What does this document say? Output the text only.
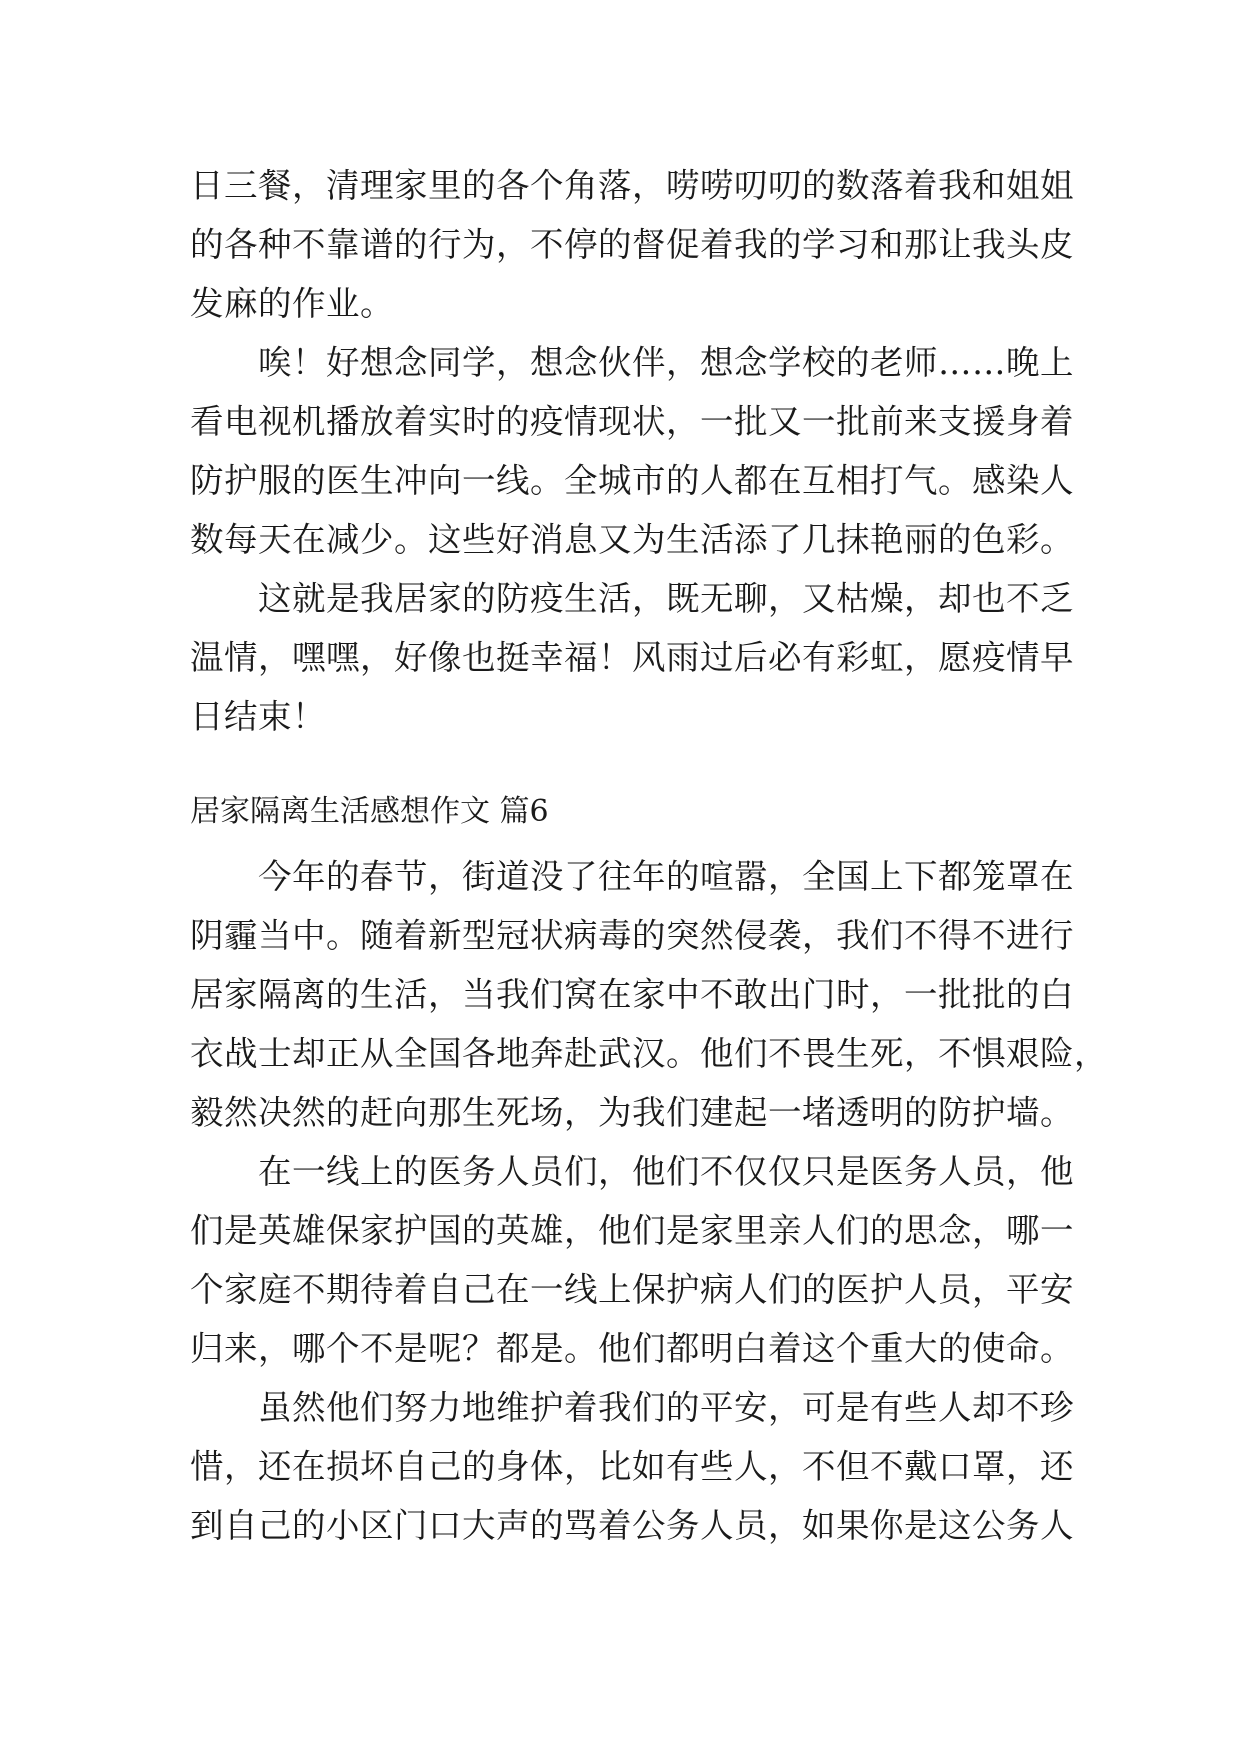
日三餐，清理家里的各个角落，唠唠叨叨的数落着我和姐姐
的各种不靠谱的行为，不停的督促着我的学习和那让我头皮
发麻的作业。
　　唉！好想念同学，想念伙伴，想念学校的老师……晚上
看电视机播放着实时的疫情现状，一批又一批前来支援身着
防护服的医生冲向一线。全城市的人都在互相打气。感染人
数每天在减少。这些好消息又为生活添了几抹艳丽的色彩。
　　这就是我居家的防疫生活，既无聊，又枯燥，却也不乏
温情，嘿嘿，好像也挺幸福！风雨过后必有彩虹，愿疫情早
日结束！
居家隔离生活感想作文 篇6
　　今年的春节，街道没了往年的喧嚣，全国上下都笼罩在
阴霾当中。随着新型冠状病毒的突然侵袭，我们不得不进行
居家隔离的生活，当我们窝在家中不敢出门时，一批批的白
衣战士却正从全国各地奔赴武汉。他们不畏生死，不惧艰险，
毅然决然的赶向那生死场，为我们建起一堵透明的防护墙。
　　在一线上的医务人员们，他们不仅仅只是医务人员，他
们是英雄保家护国的英雄，他们是家里亲人们的思念，哪一
个家庭不期待着自己在一线上保护病人们的医护人员，平安
归来，哪个不是呢？都是。他们都明白着这个重大的使命。
　　虽然他们努力地维护着我们的平安，可是有些人却不珍
惜，还在损坏自己的身体，比如有些人，不但不戴口罩，还
到自己的小区门口大声的骂着公务人员，如果你是这公务人
